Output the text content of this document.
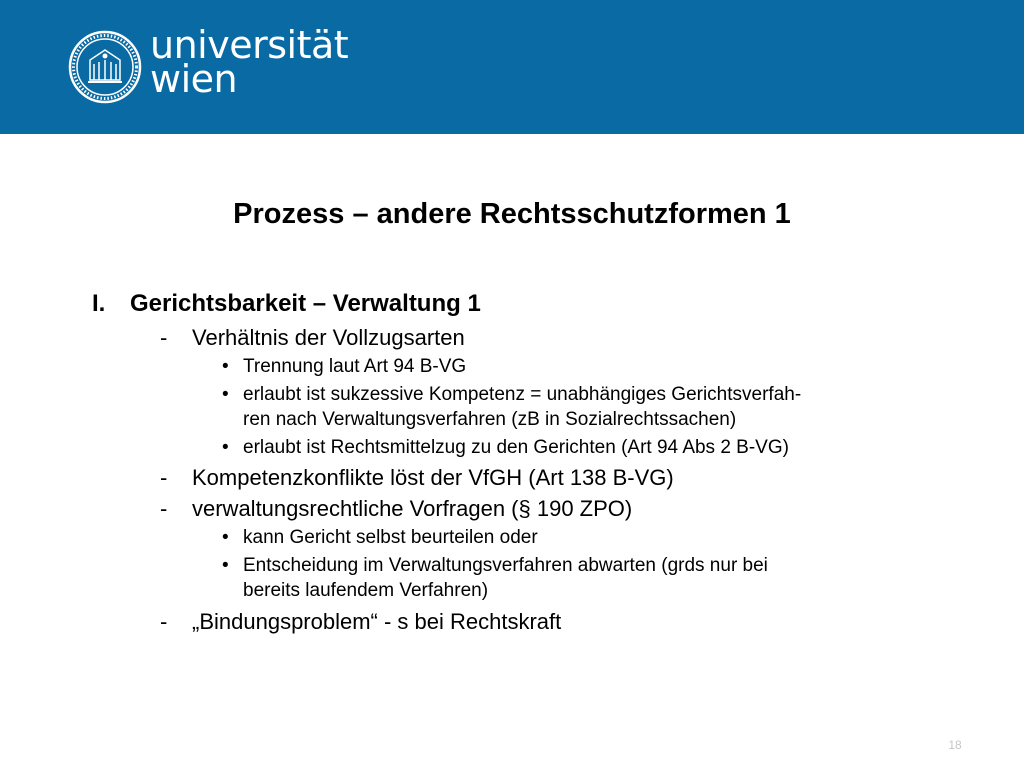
universität
wien
Prozess – andere Rechtsschutzformen 1
I. Gerichtsbarkeit – Verwaltung 1
- Verhältnis der Vollzugsarten
• Trennung laut Art 94 B-VG
• erlaubt ist sukzessive Kompetenz = unabhängiges Gerichtsverfah-
ren nach Verwaltungsverfahren (zB in Sozialrechtssachen)
• erlaubt ist Rechtsmittelzug zu den Gerichten (Art 94 Abs 2 B-VG)
- Kompetenzkonflikte löst der VfGH (Art 138 B-VG)
- verwaltungsrechtliche Vorfragen (§ 190 ZPO)
• kann Gericht selbst beurteilen oder
• Entscheidung im Verwaltungsverfahren abwarten (grds nur bei
bereits laufendem Verfahren)
- „Bindungsproblem“ - s bei Rechtskraft
18
